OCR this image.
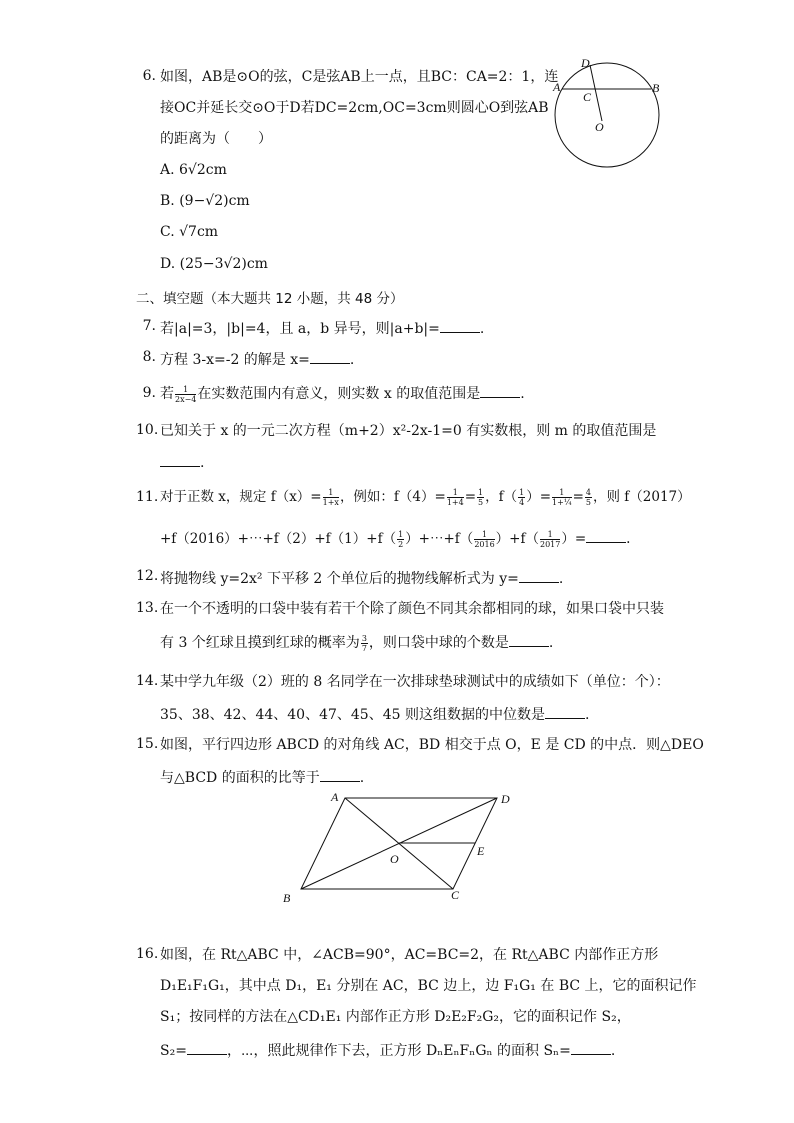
6. 如图，AB是⊙O的弦，C是弦AB上一点，且BC：CA=2：1，连
接OC并延长交⊙O于D若DC=2cm,OC=3cm则圆心O到弦AB
的距离为（　　）
A. 6√2cm
B. (9−√2)cm
C. √7cm
D. (25−3√2)cm
D
A	B
C
O
二、填空题（本大题共 12 小题，共 48 分）
7. 若|a|=3，|b|=4，且 a，b 异号，则|a+b|=	.
8. 方程 3-x=-2 的解是 x=	.
9. 若 $\frac{1}{2x-4}$ 在实数范围内有意义，则实数 x 的取值范围是	.
10. 已知关于 x 的一元二次方程（m+2）x²-2x-1=0 有实数根，则 m 的取值范围是
.
11. 对于正数 x，规定 $f(x)= \frac{1}{1+x}$ ，例如：$f(4)= \frac{1}{1+4} = \frac{1}{5}$ ，$f( \frac{1}{4}$ ）= $\frac{1}{\text{1+¼}} = \frac{4}{5}$ ，则 f（2017）
+f（2016）+⋯+f（2）+f（1）+f（ $\frac{1}{2}$ ）+⋯+f（ $\frac{1}{2016} )+f( \frac{1}{2017}$ ）=	.
12. 将抛物线 y=2x² 下平移 2 个单位后的抛物线解析式为 y=	.
13. 在一个不透明的口袋中装有若干个除了颜色不同其余都相同的球，如果口袋中只装
有 3 个红球且摸到红球的概率为 $\frac{3}{7}$ ，则口袋中球的个数是	.
14. 某中学九年级（2）班的 8 名同学在一次排球垫球测试中的成绩如下（单位：个）：
35、38、42、44、40、47、45、45 则这组数据的中位数是	.
15. 如图，平行四边形 ABCD 的对角线 AC，BD 相交于点 O，E 是 CD 的中点．则△DEO
与△BCD 的面积的比等于	.
A	D
O
E
B	C
16. 如图，在 Rt△ABC 中，∠ACB=90°，AC=BC=2，在 Rt△ABC 内部作正方形
D₁E₁F₁G₁，其中点 D₁，E₁ 分别在 AC，BC 边上，边 F₁G₁ 在 BC 上，它的面积记作
S₁；按同样的方法在△CD₁E₁ 内部作正方形 D₂E₂F₂G₂，它的面积记作 S₂，
S₂=	，⋯，照此规律作下去，正方形 DₙEₙFₙGₙ 的面积 Sₙ=	.
